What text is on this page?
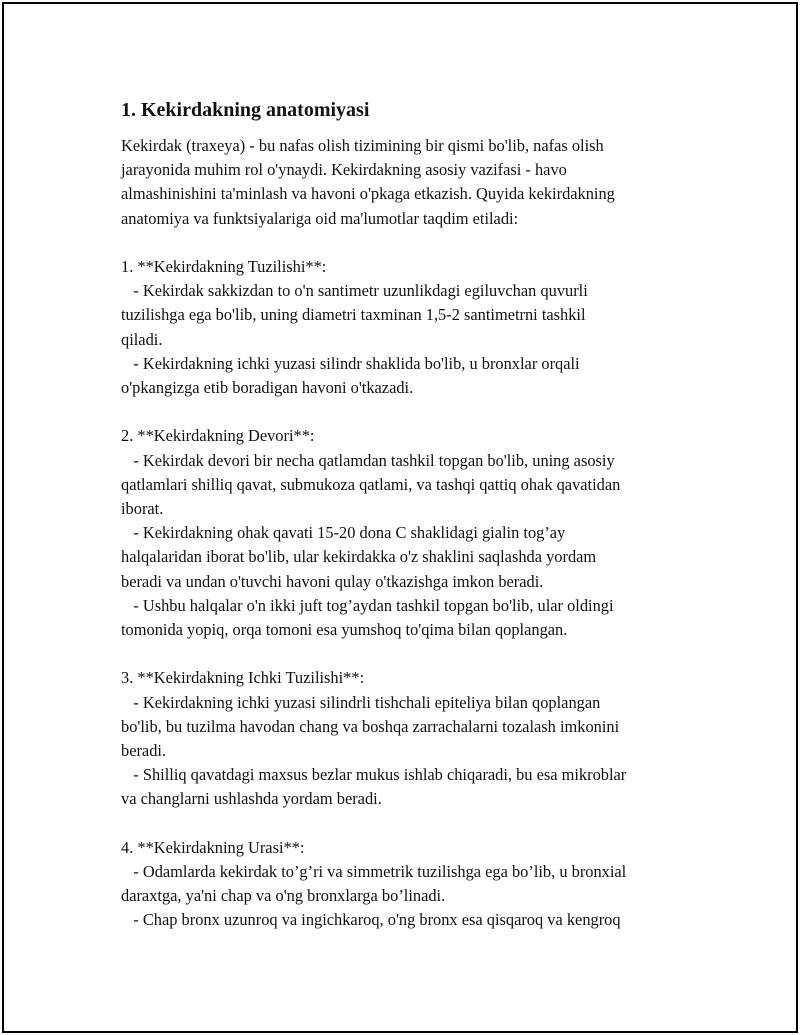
1. Kekirdakning anatomiyasi
Kekirdak (traxeya) - bu nafas olish tizimining bir qismi bo'lib, nafas olish
jarayonida muhim rol o'ynaydi. Kekirdakning asosiy vazifasi - havo
almashinishini ta'minlash va havoni o'pkaga etkazish. Quyida kekirdakning
anatomiya va funktsiyalariga oid ma'lumotlar taqdim etiladi:
1. **Kekirdakning Tuzilishi**:
- Kekirdak sakkizdan to o'n santimetr uzunlikdagi egiluvchan quvurli
tuzilishga ega bo'lib, uning diametri taxminan 1,5-2 santimetrni tashkil
qiladi.
- Kekirdakning ichki yuzasi silindr shaklida bo'lib, u bronxlar orqali
o'pkangizga etib boradigan havoni o'tkazadi.
2. **Kekirdakning Devori**:
- Kekirdak devori bir necha qatlamdan tashkil topgan bo'lib, uning asosiy
qatlamlari shilliq qavat, submukoza qatlami, va tashqi qattiq ohak qavatidan
iborat.
- Kekirdakning ohak qavati 15-20 dona C shaklidagi gialin tog’ay
halqalaridan iborat bo'lib, ular kekirdakka o'z shaklini saqlashda yordam
beradi va undan o'tuvchi havoni qulay o'tkazishga imkon beradi.
- Ushbu halqalar o'n ikki juft tog’aydan tashkil topgan bo'lib, ular oldingi
tomonida yopiq, orqa tomoni esa yumshoq to'qima bilan qoplangan.
3. **Kekirdakning Ichki Tuzilishi**:
- Kekirdakning ichki yuzasi silindrli tishchali epiteliya bilan qoplangan
bo'lib, bu tuzilma havodan chang va boshqa zarrachalarni tozalash imkonini
beradi.
- Shilliq qavatdagi maxsus bezlar mukus ishlab chiqaradi, bu esa mikroblar
va changlarni ushlashda yordam beradi.
4. **Kekirdakning Urasi**:
- Odamlarda kekirdak to’g’ri va simmetrik tuzilishga ega bo’lib, u bronxial
daraxtga, ya'ni chap va o'ng bronxlarga bo’linadi.
- Chap bronx uzunroq va ingichkaroq, o'ng bronx esa qisqaroq va kengroq
